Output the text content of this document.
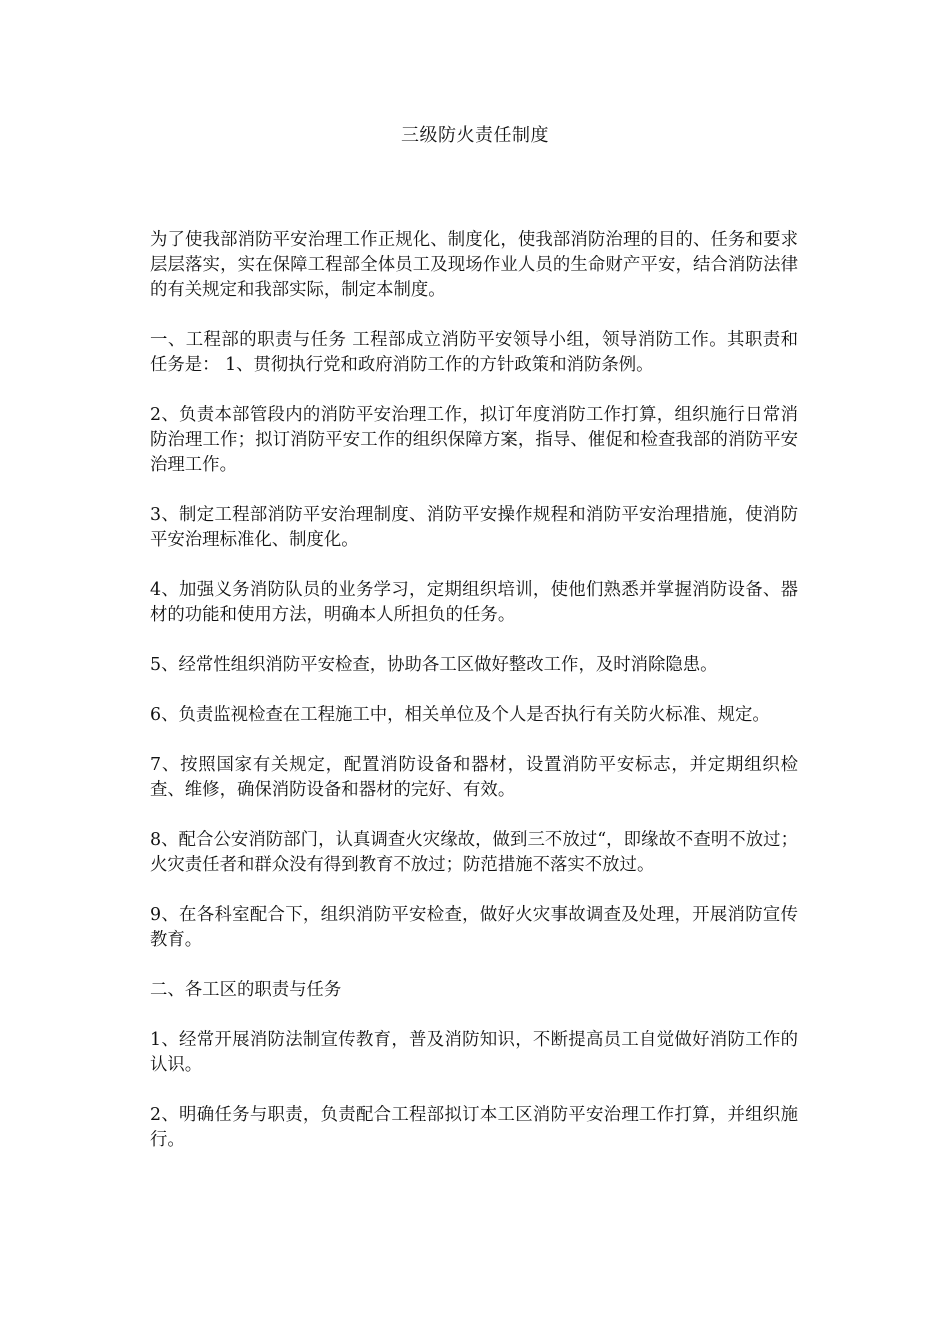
三级防火责任制度

为了使我部消防平安治理工作正规化、制度化，使我部消防治理的目的、任务和要求层层落实，实在保障工程部全体员工及现场作业人员的生命财产平安，结合消防法律的有关规定和我部实际，制定本制度。

一、工程部的职责与任务 工程部成立消防平安领导小组，领导消防工作。其职责和任务是： 1、贯彻执行党和政府消防工作的方针政策和消防条例。

2、负责本部管段内的消防平安治理工作，拟订年度消防工作打算，组织施行日常消防治理工作；拟订消防平安工作的组织保障方案，指导、催促和检查我部的消防平安治理工作。

3、制定工程部消防平安治理制度、消防平安操作规程和消防平安治理措施，使消防平安治理标准化、制度化。

4、加强义务消防队员的业务学习，定期组织培训，使他们熟悉并掌握消防设备、器材的功能和使用方法，明确本人所担负的任务。

5、经常性组织消防平安检查，协助各工区做好整改工作，及时消除隐患。

6、负责监视检查在工程施工中，相关单位及个人是否执行有关防火标准、规定。

7、按照国家有关规定，配置消防设备和器材，设置消防平安标志，并定期组织检查、维修，确保消防设备和器材的完好、有效。

8、配合公安消防部门，认真调查火灾缘故，做到三不放过“，即缘故不查明不放过；火灾责任者和群众没有得到教育不放过；防范措施不落实不放过。

9、在各科室配合下，组织消防平安检查，做好火灾事故调查及处理，开展消防宣传教育。

二、各工区的职责与任务

1、经常开展消防法制宣传教育，普及消防知识，不断提高员工自觉做好消防工作的认识。

2、明确任务与职责，负责配合工程部拟订本工区消防平安治理工作打算，并组织施行。
